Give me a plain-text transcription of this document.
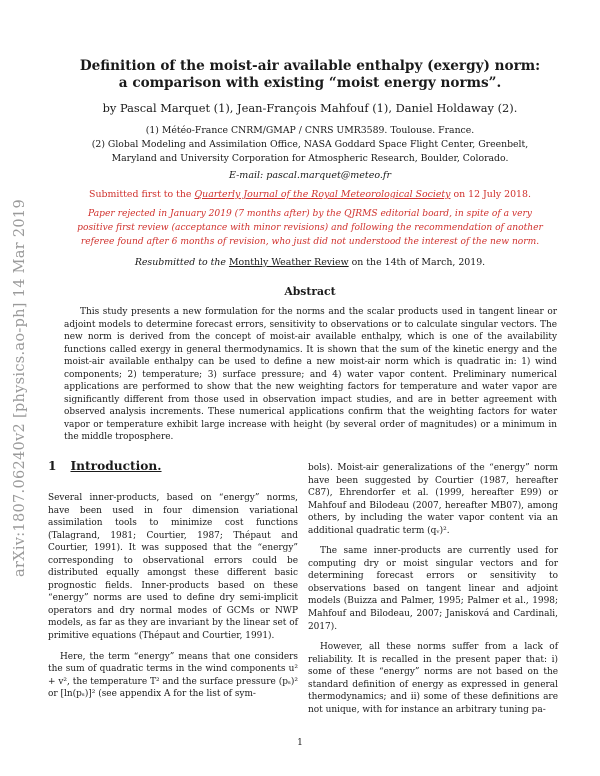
arXiv:1807.06240v2 [physics.ao-ph] 14 Mar 2019
Definition of the moist-air available enthalpy (exergy) norm:
a comparison with existing “moist energy norms”.
by Pascal Marquet (1), Jean-François Mahfouf (1), Daniel Holdaway (2).
(1) Météo-France CNRM/GMAP / CNRS UMR3589. Toulouse. France.
(2) Global Modeling and Assimilation Office, NASA Goddard Space Flight Center, Greenbelt,
Maryland and University Corporation for Atmospheric Research, Boulder, Colorado.
E-mail: pascal.marquet@meteo.fr
Submitted first to the Quarterly Journal of the Royal Meteorological Society on 12 July 2018.
Paper rejected in January 2019 (7 months after) by the QJRMS editorial board, in spite of a very
positive first review (acceptance with minor revisions) and following the recommendation of another
referee found after 6 months of revision, who just did not understood the interest of the new norm.
Resubmitted to the Monthly Weather Review on the 14th of March, 2019.
Abstract

This study presents a new formulation for the norms and the scalar products used in tangent linear or adjoint models to determine forecast errors, sensitivity to observations or to calculate singular vectors. The new norm is derived from the concept of moist-air available enthalpy, which is one of the availability functions called exergy in general thermodynamics. It is shown that the sum of the kinetic energy and the moist-air available enthalpy can be used to define a new moist-air norm which is quadratic in: 1) wind components; 2) temperature; 3) surface pressure; and 4) water vapor content. Preliminary numerical applications are performed to show that the new weighting factors for temperature and water vapor are significantly different from those used in observation impact studies, and are in better agreement with observed analysis increments. These numerical applications confirm that the weighting factors for water vapor or temperature exhibit large increase with height (by several order of magnitudes) or a minimum in the middle troposphere.

1 Introduction.

Several inner-products, based on “energy” norms, have been used in four dimension variational assimilation tools to minimize cost functions (Talagrand, 1981; Courtier, 1987; Thépaut and Courtier, 1991). It was supposed that the “energy” corresponding to observational errors could be distributed equally amongst these different basic prognostic fields. Inner-products based on these “energy” norms are used to define dry semi-implicit operators and dry normal modes of GCMs or NWP models, as far as they are invariant by the linear set of primitive equations (Thépaut and Courtier, 1991).

Here, the term “energy” means that one considers the sum of quadratic terms in the wind components u² + v², the temperature T² and the surface pressure (pₛ)² or [ln(pₛ)]² (see appendix A for the list of sym-

bols). Moist-air generalizations of the “energy” norm have been suggested by Courtier (1987, hereafter C87), Ehrendorfer et al. (1999, hereafter E99) or Mahfouf and Bilodeau (2007, hereafter MB07), among others, by including the water vapor content via an additional quadratic term (qᵥ)².

The same inner-products are currently used for computing dry or moist singular vectors and for determining forecast errors or sensitivity to observations based on tangent linear and adjoint models (Buizza and Palmer, 1995; Palmer et al., 1998; Mahfouf and Bilodeau, 2007; Janisková and Cardinali, 2017).

However, all these norms suffer from a lack of reliability. It is recalled in the present paper that: i) some of these “energy” norms are not based on the standard definition of energy as expressed in general thermodynamics; and ii) some of these definitions are not unique, with for instance an arbitrary tuning pa-

1
